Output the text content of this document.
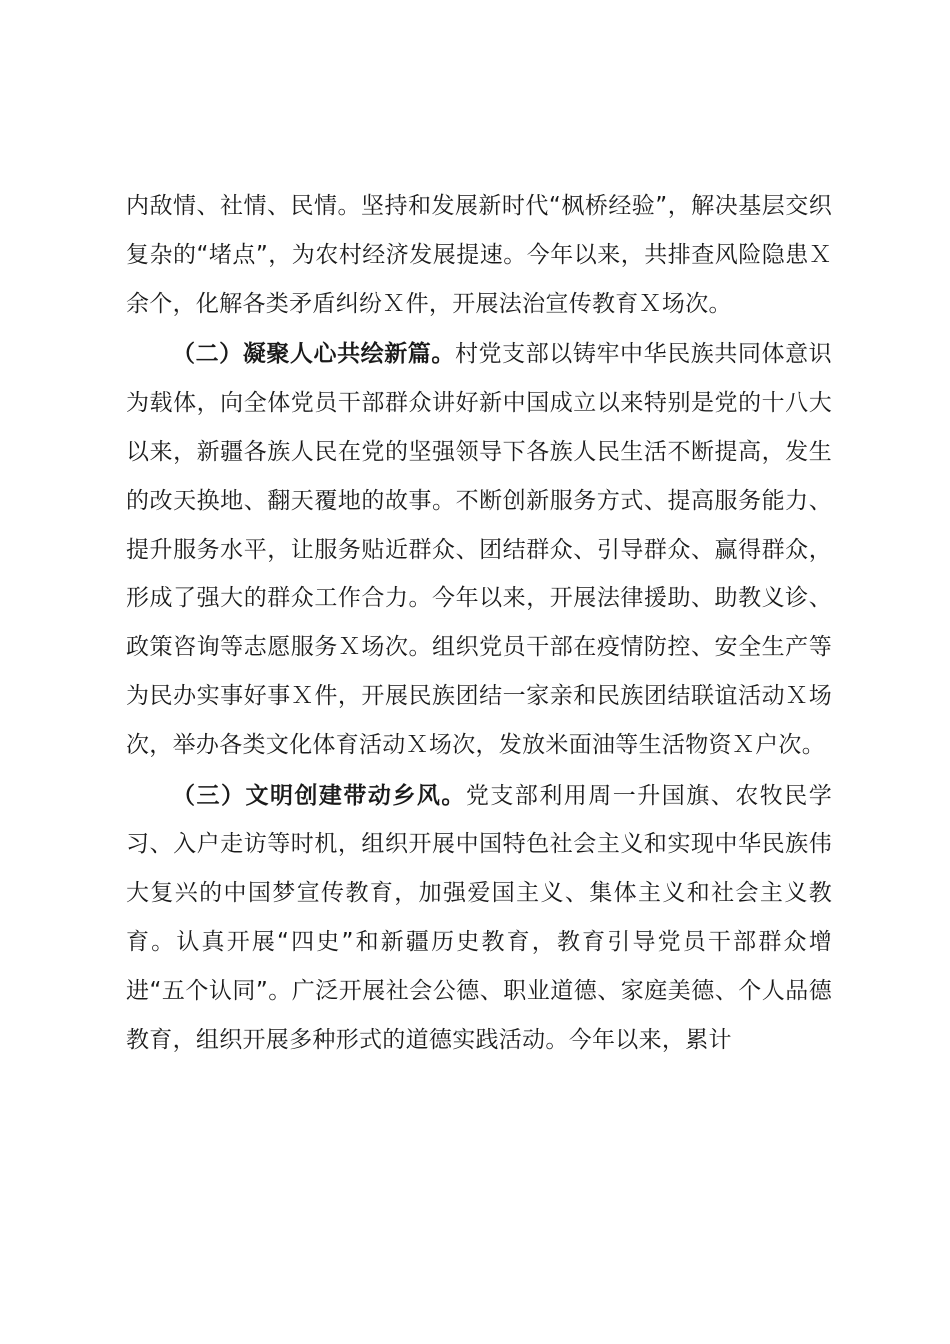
内敌情、社情、民情。坚持和发展新时代“枫桥经验”，解决基层交织复杂的“堵点”，为农村经济发展提速。今年以来，共排查风险隐患Ｘ余个，化解各类矛盾纠纷Ｘ件，开展法治宣传教育Ｘ场次。

（二）凝聚人心共绘新篇。村党支部以铸牢中华民族共同体意识为载体，向全体党员干部群众讲好新中国成立以来特别是党的十八大以来，新疆各族人民在党的坚强领导下各族人民生活不断提高，发生的改天换地、翻天覆地的故事。不断创新服务方式、提高服务能力、提升服务水平，让服务贴近群众、团结群众、引导群众、赢得群众，形成了强大的群众工作合力。今年以来，开展法律援助、助教义诊、政策咨询等志愿服务Ｘ场次。组织党员干部在疫情防控、安全生产等为民办实事好事Ｘ件，开展民族团结一家亲和民族团结联谊活动Ｘ场次，举办各类文化体育活动Ｘ场次，发放米面油等生活物资Ｘ户次。

（三）文明创建带动乡风。党支部利用周一升国旗、农牧民学习、入户走访等时机，组织开展中国特色社会主义和实现中华民族伟大复兴的中国梦宣传教育，加强爱国主义、集体主义和社会主义教育。认真开展“四史”和新疆历史教育，教育引导党员干部群众增进“五个认同”。广泛开展社会公德、职业道德、家庭美德、个人品德教育，组织开展多种形式的道德实践活动。今年以来，累计
